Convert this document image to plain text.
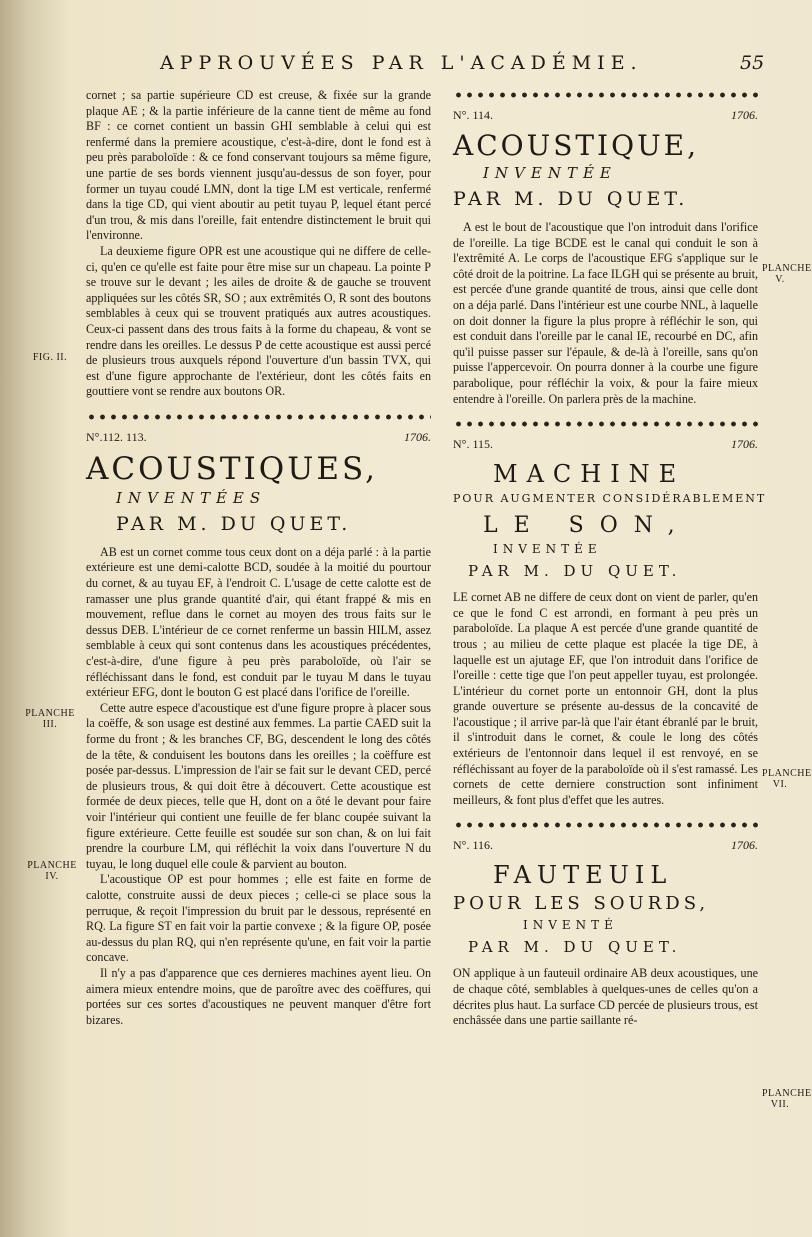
APPROUVÉES PAR L'ACADÉMIE.	55
FIG. II.
PLANCHE III.
PLANCHE IV.
PLANCHE V.
PLANCHE VI.
PLANCHE VII.

cornet ; sa partie supérieure CD est creuse, & fixée sur la grande plaque AE ; & la partie inférieure de la canne tient de même au fond BF : ce cornet contient un bassin GHI semblable à celui qui est renfermé dans la premiere acoustique, c'est-à-dire, dont le fond est à peu près paraboloïde : & ce fond conservant toujours sa même figure, une partie de ses bords viennent jusqu'au-dessus de son foyer, pour former un tuyau coudé LMN, dont la tige LM est verticale, renfermé dans la tige CD, qui vient aboutir au petit tuyau P, lequel étant percé d'un trou, & mis dans l'oreille, fait entendre distinctement le bruit qui l'environne.

La deuxieme figure OPR est une acoustique qui ne differe de celle-ci, qu'en ce qu'elle est faite pour être mise sur un chapeau. La pointe P se trouve sur le devant ; les ailes de droite & de gauche se trouvent appliquées sur les côtés SR, SO ; aux extrêmités O, R sont des boutons semblables à ceux qui se trouvent pratiqués aux autres acoustiques. Ceux-ci passent dans des trous faits à la forme du chapeau, & vont se rendre dans les oreilles. Le dessus P de cette acoustique est aussi percé de plusieurs trous auxquels répond l'ouverture d'un bassin TVX, qui est d'une figure approchante de l'extérieur, dont les côtés faits en gouttiere vont se rendre aux boutons OR.

N°.112. 113.	1706.
ACOUSTIQUES,
INVENTÉES
PAR M. DU QUET.

AB est un cornet comme tous ceux dont on a déja parlé : à la partie extérieure est une demi-calotte BCD, soudée à la moitié du pourtour du cornet, & au tuyau EF, à l'endroit C. L'usage de cette calotte est de ramasser une plus grande quantité d'air, qui étant frappé & mis en mouvement, reflue dans le cornet au moyen des trous faits sur le dessus DEB. L'intérieur de ce cornet renferme un bassin HILM, assez semblable à ceux qui sont contenus dans les acoustiques précédentes, c'est-à-dire, d'une figure à peu près paraboloïde, où l'air se réfléchissant dans le fond, est conduit par le tuyau M dans le tuyau extérieur EFG, dont le bouton G est placé dans l'orifice de l'oreille.

Cette autre espece d'acoustique est d'une figure propre à placer sous la coëffe, & son usage est destiné aux femmes. La partie CAED suit la forme du front ; & les branches CF, BG, descendent le long des côtés de la tête, & conduisent les boutons dans les oreilles ; la coëffure est posée par-dessus. L'impression de l'air se fait sur le devant CED, percé de plusieurs trous, & qui doit être à découvert. Cette acoustique est formée de deux pieces, telle que H, dont on a ôté le devant pour faire voir l'intérieur qui contient une feuille de fer blanc coupée suivant la figure extérieure. Cette feuille est soudée sur son chan, & on lui fait prendre la courbure LM, qui réfléchit la voix dans l'ouverture N du tuyau, le long duquel elle coule & parvient au bouton.

L'acoustique OP est pour hommes ; elle est faite en forme de calotte, construite aussi de deux pieces ; celle-ci se place sous la perruque, & reçoit l'impression du bruit par le dessous, représenté en RQ. La figure ST en fait voir la partie convexe ; & la figure OP, posée au-dessus du plan RQ, qui n'en représente qu'une, en fait voir la partie concave.

Il n'y a pas d'apparence que ces dernieres machines ayent lieu. On aimera mieux entendre moins, que de paroître avec des coëffures, qui portées sur ces sortes d'acoustiques ne peuvent manquer d'être fort bizares.

N°. 114.	1706.
ACOUSTIQUE,
INVENTÉE
PAR M. DU QUET.

A est le bout de l'acoustique que l'on introduit dans l'orifice de l'oreille. La tige BCDE est le canal qui conduit le son à l'extrêmité A. Le corps de l'acoustique EFG s'applique sur le côté droit de la poitrine. La face ILGH qui se présente au bruit, est percée d'une grande quantité de trous, ainsi que celle dont on a déja parlé. Dans l'intérieur est une courbe NNL, à laquelle on doit donner la figure la plus propre à réfléchir le son, qui est conduit dans l'oreille par le canal IE, recourbé en DC, afin qu'il puisse passer sur l'épaule, & de-là à l'oreille, sans qu'on puisse l'appercevoir. On pourra donner à la courbe une figure parabolique, pour réfléchir la voix, & pour la faire mieux entendre à l'oreille. On parlera près de la machine.

N°. 115.	1706.
MACHINE
POUR AUGMENTER CONSIDÉRABLEMENT
LE SON,
INVENTÉE
PAR M. DU QUET.

LE cornet AB ne differe de ceux dont on vient de parler, qu'en ce que le fond C est arrondi, en formant à peu près un paraboloïde. La plaque A est percée d'une grande quantité de trous ; au milieu de cette plaque est placée la tige DE, à laquelle est un ajutage EF, que l'on introduit dans l'orifice de l'oreille : cette tige que l'on peut appeller tuyau, est prolongée. L'intérieur du cornet porte un entonnoir GH, dont la plus grande ouverture se présente au-dessus de la concavité de l'acoustique ; il arrive par-là que l'air étant ébranlé par le bruit, il s'introduit dans le cornet, & coule le long des côtés extérieurs de l'entonnoir dans lequel il est renvoyé, en se réfléchissant au foyer de la paraboloïde où il s'est ramassé. Les cornets de cette derniere construction sont infiniment meilleurs, & font plus d'effet que les autres.

N°. 116.	1706.
FAUTEUIL
POUR LES SOURDS,
INVENTÉ
PAR M. DU QUET.

ON applique à un fauteuil ordinaire AB deux acoustiques, une de chaque côté, semblables à quelques-unes de celles qu'on a décrites plus haut. La surface CD percée de plusieurs trous, est enchâssée dans une partie saillante ré-
